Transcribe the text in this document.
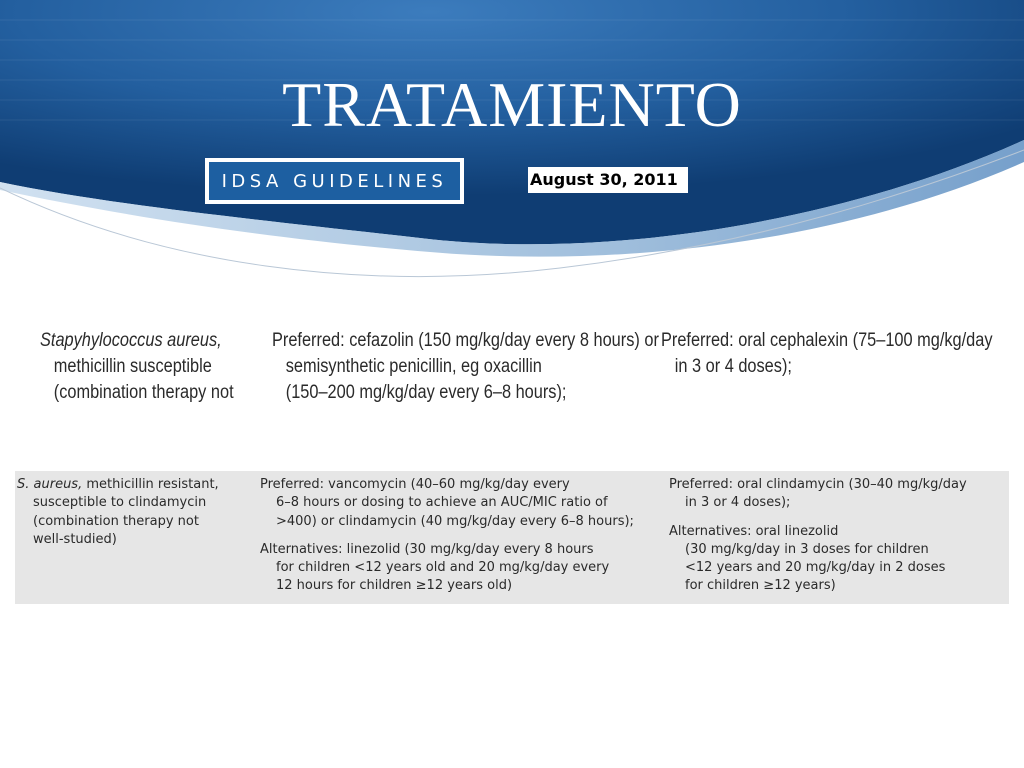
TRATAMIENTO
IDSA GUIDELINES	August 30, 2011
Stapyhylococcus aureus,
methicillin susceptible
(combination therapy not
Preferred: cefazolin (150 mg/kg/day every 8 hours) or
semisynthetic penicillin, eg oxacillin
(150–200 mg/kg/day every 6–8 hours);
Preferred: oral cephalexin (75–100 mg/kg/day
in 3 or 4 doses);
S. aureus, methicillin resistant,
susceptible to clindamycin
(combination therapy not
well-studied)
Preferred: vancomycin (40–60 mg/kg/day every
6–8 hours or dosing to achieve an AUC/MIC ratio of
>400) or clindamycin (40 mg/kg/day every 6–8 hours);
Alternatives: linezolid (30 mg/kg/day every 8 hours
for children <12 years old and 20 mg/kg/day every
12 hours for children ≥12 years old)
Preferred: oral clindamycin (30–40 mg/kg/day
in 3 or 4 doses);
Alternatives: oral linezolid
(30 mg/kg/day in 3 doses for children
<12 years and 20 mg/kg/day in 2 doses
for children ≥12 years)
